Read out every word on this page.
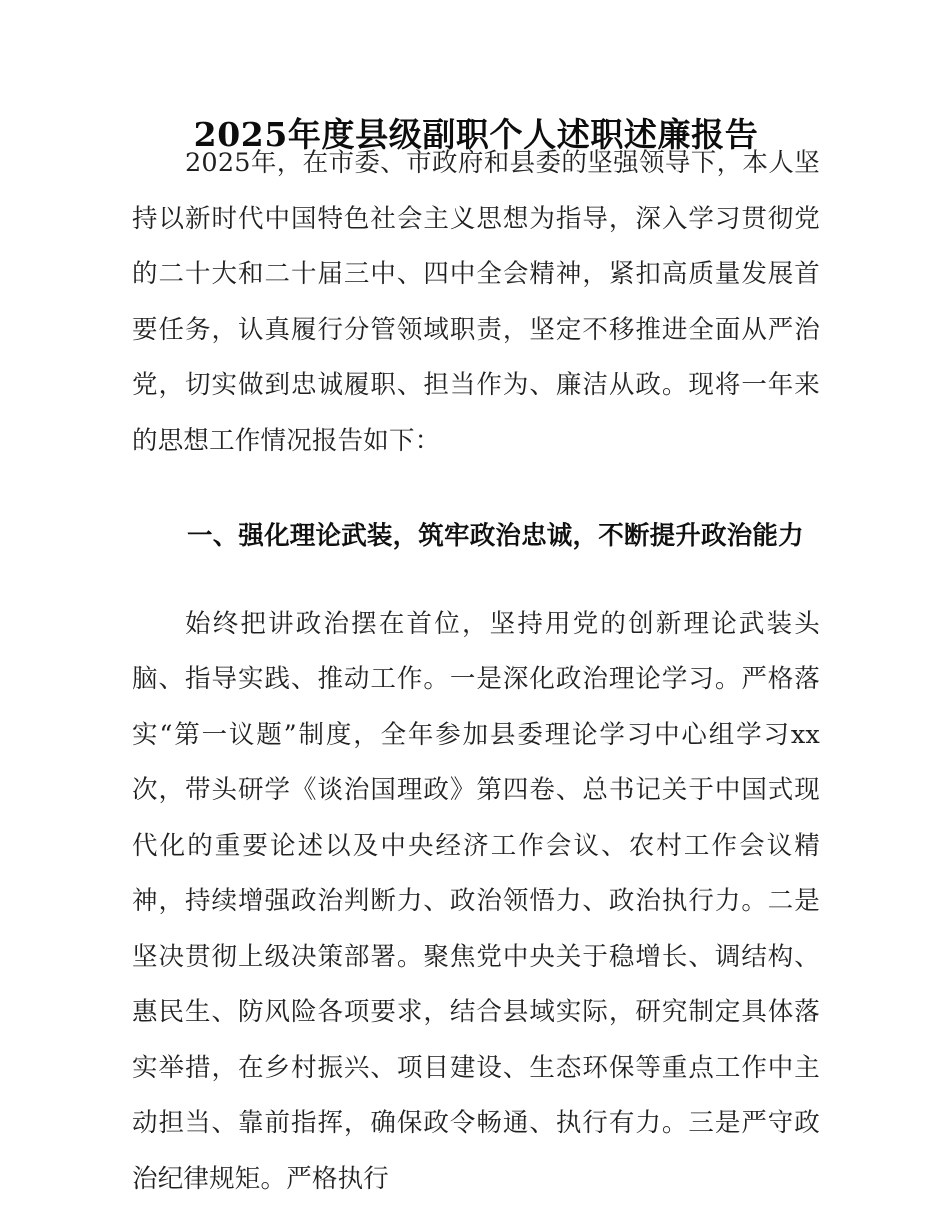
2025年度县级副职个人述职述廉报告

2025年，在市委、市政府和县委的坚强领导下，本人坚持以新时代中国特色社会主义思想为指导，深入学习贯彻党的二十大和二十届三中、四中全会精神，紧扣高质量发展首要任务，认真履行分管领域职责，坚定不移推进全面从严治党，切实做到忠诚履职、担当作为、廉洁从政。现将一年来的思想工作情况报告如下：

一、强化理论武装，筑牢政治忠诚，不断提升政治能力

始终把讲政治摆在首位，坚持用党的创新理论武装头脑、指导实践、推动工作。一是深化政治理论学习。严格落实“第一议题”制度，全年参加县委理论学习中心组学习xx次，带头研学《谈治国理政》第四卷、总书记关于中国式现代化的重要论述以及中央经济工作会议、农村工作会议精神，持续增强政治判断力、政治领悟力、政治执行力。二是坚决贯彻上级决策部署。聚焦党中央关于稳增长、调结构、惠民生、防风险各项要求，结合县域实际，研究制定具体落实举措，在乡村振兴、项目建设、生态环保等重点工作中主动担当、靠前指挥，确保政令畅通、执行有力。三是严守政治纪律规矩。严格执行
